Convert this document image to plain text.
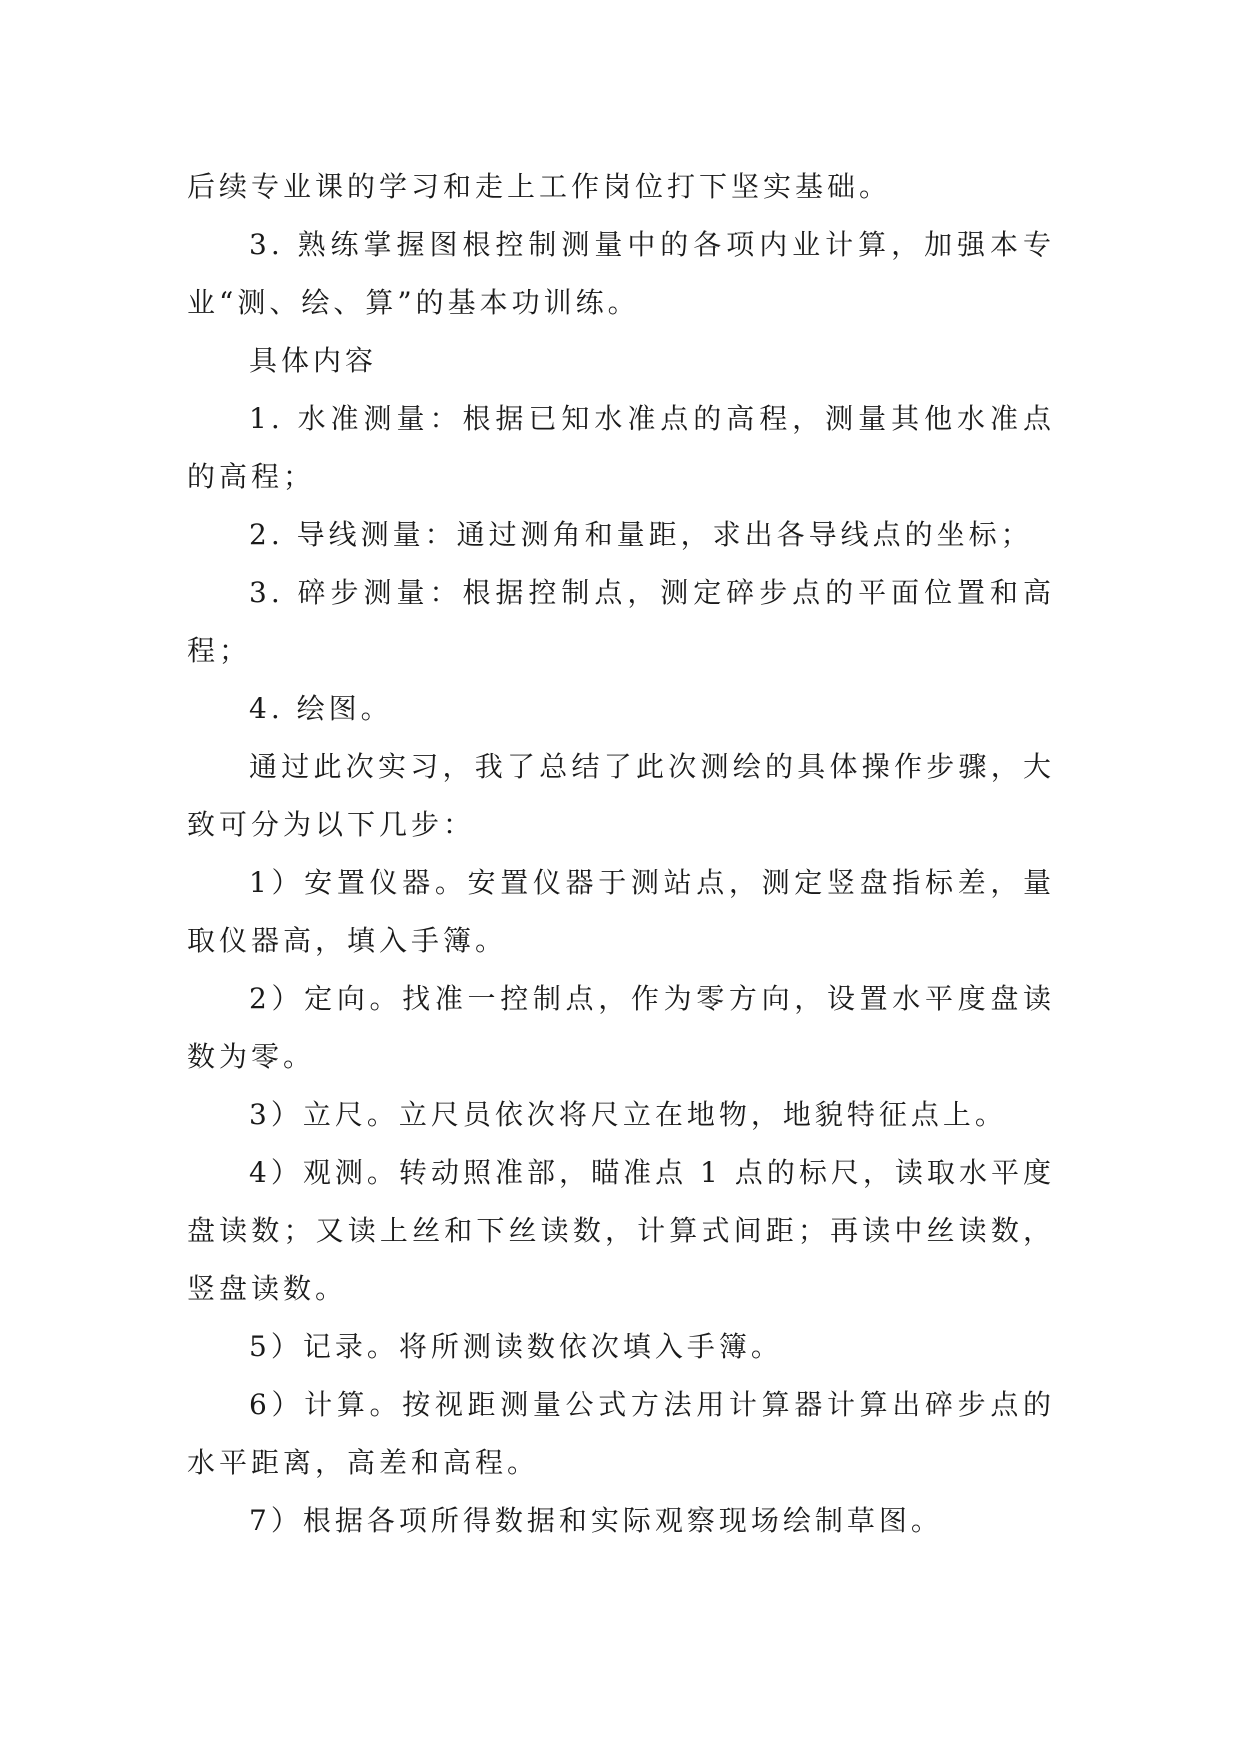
后续专业课的学习和走上工作岗位打下坚实基础。

3. 熟练掌握图根控制测量中的各项内业计算，加强本专业“测、绘、算”的基本功训练。

具体内容

1. 水准测量：根据已知水准点的高程，测量其他水准点的高程；

2. 导线测量：通过测角和量距，求出各导线点的坐标；

3. 碎步测量：根据控制点，测定碎步点的平面位置和高程；

4. 绘图。

通过此次实习，我了总结了此次测绘的具体操作步骤，大致可分为以下几步：

1）安置仪器。安置仪器于测站点，测定竖盘指标差，量取仪器高，填入手簿。

2）定向。找准一控制点，作为零方向，设置水平度盘读数为零。

3）立尺。立尺员依次将尺立在地物，地貌特征点上。

4）观测。转动照准部，瞄准点 1 点的标尺，读取水平度盘读数；又读上丝和下丝读数，计算式间距；再读中丝读数，竖盘读数。

5）记录。将所测读数依次填入手簿。

6）计算。按视距测量公式方法用计算器计算出碎步点的水平距离，高差和高程。

7）根据各项所得数据和实际观察现场绘制草图。
